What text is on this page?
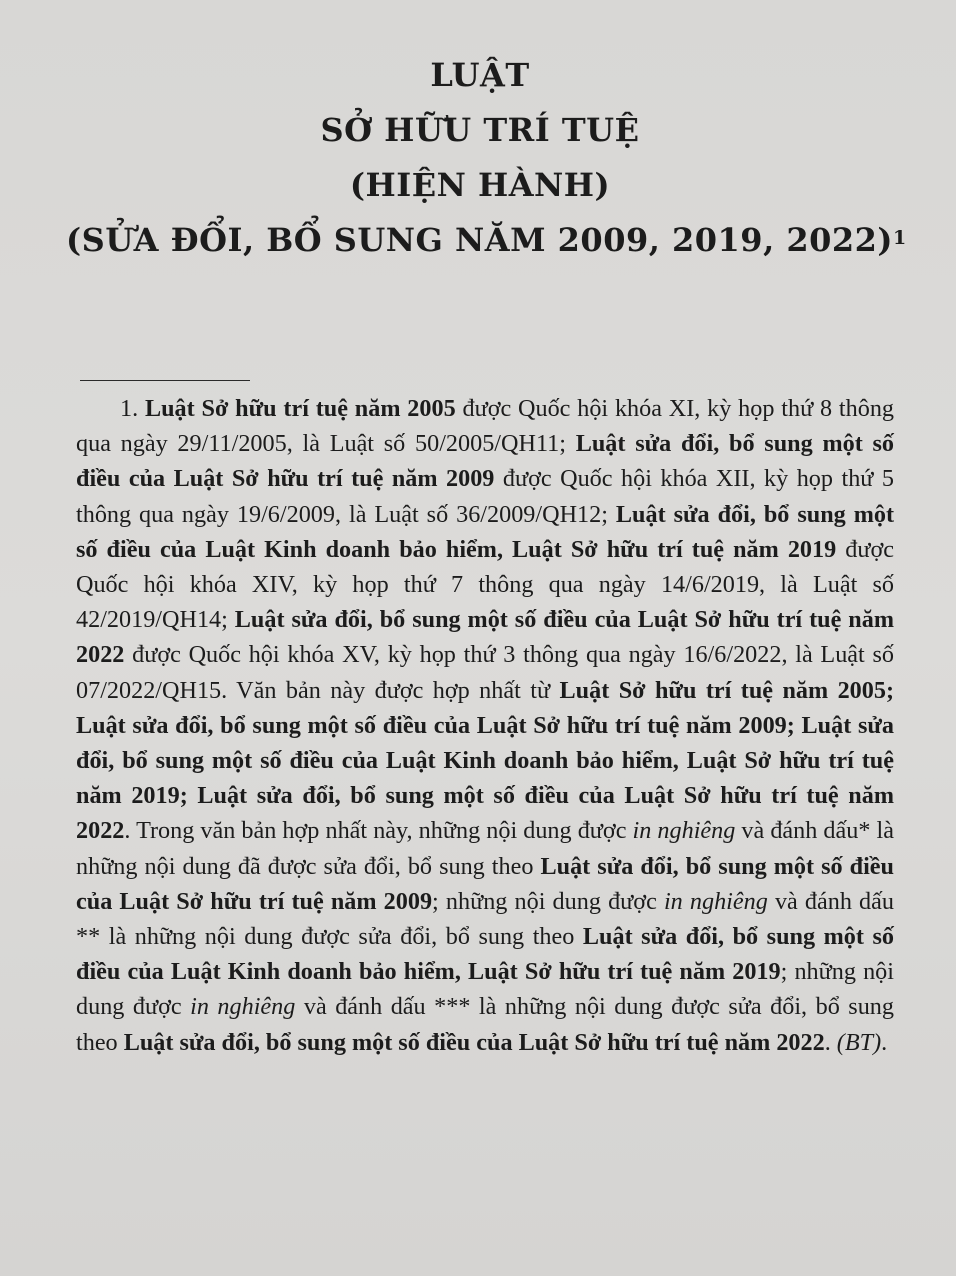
LUẬT
SỞ HỮU TRÍ TUỆ
(HIỆN HÀNH)
(SỬA ĐỔI, BỔ SUNG NĂM 2009, 2019, 2022)$^1$

1. Luật Sở hữu trí tuệ năm 2005 được Quốc hội khóa XI, kỳ họp thứ 8 thông qua ngày 29/11/2005, là Luật số 50/2005/QH11; Luật sửa đổi, bổ sung một số điều của Luật Sở hữu trí tuệ năm 2009 được Quốc hội khóa XII, kỳ họp thứ 5 thông qua ngày 19/6/2009, là Luật số 36/2009/QH12; Luật sửa đổi, bổ sung một số điều của Luật Kinh doanh bảo hiểm, Luật Sở hữu trí tuệ năm 2019 được Quốc hội khóa XIV, kỳ họp thứ 7 thông qua ngày 14/6/2019, là Luật số 42/2019/QH14; Luật sửa đổi, bổ sung một số điều của Luật Sở hữu trí tuệ năm 2022 được Quốc hội khóa XV, kỳ họp thứ 3 thông qua ngày 16/6/2022, là Luật số 07/2022/QH15. Văn bản này được hợp nhất từ Luật Sở hữu trí tuệ năm 2005; Luật sửa đổi, bổ sung một số điều của Luật Sở hữu trí tuệ năm 2009; Luật sửa đổi, bổ sung một số điều của Luật Kinh doanh bảo hiểm, Luật Sở hữu trí tuệ năm 2019; Luật sửa đổi, bổ sung một số điều của Luật Sở hữu trí tuệ năm 2022. Trong văn bản hợp nhất này, những nội dung được in nghiêng và đánh dấu* là những nội dung đã được sửa đổi, bổ sung theo Luật sửa đổi, bổ sung một số điều của Luật Sở hữu trí tuệ năm 2009; những nội dung được in nghiêng và đánh dấu ** là những nội dung được sửa đổi, bổ sung theo Luật sửa đổi, bổ sung một số điều của Luật Kinh doanh bảo hiểm, Luật Sở hữu trí tuệ năm 2019; những nội dung được in nghiêng và đánh dấu *** là những nội dung được sửa đổi, bổ sung theo Luật sửa đổi, bổ sung một số điều của Luật Sở hữu trí tuệ năm 2022. (BT).
